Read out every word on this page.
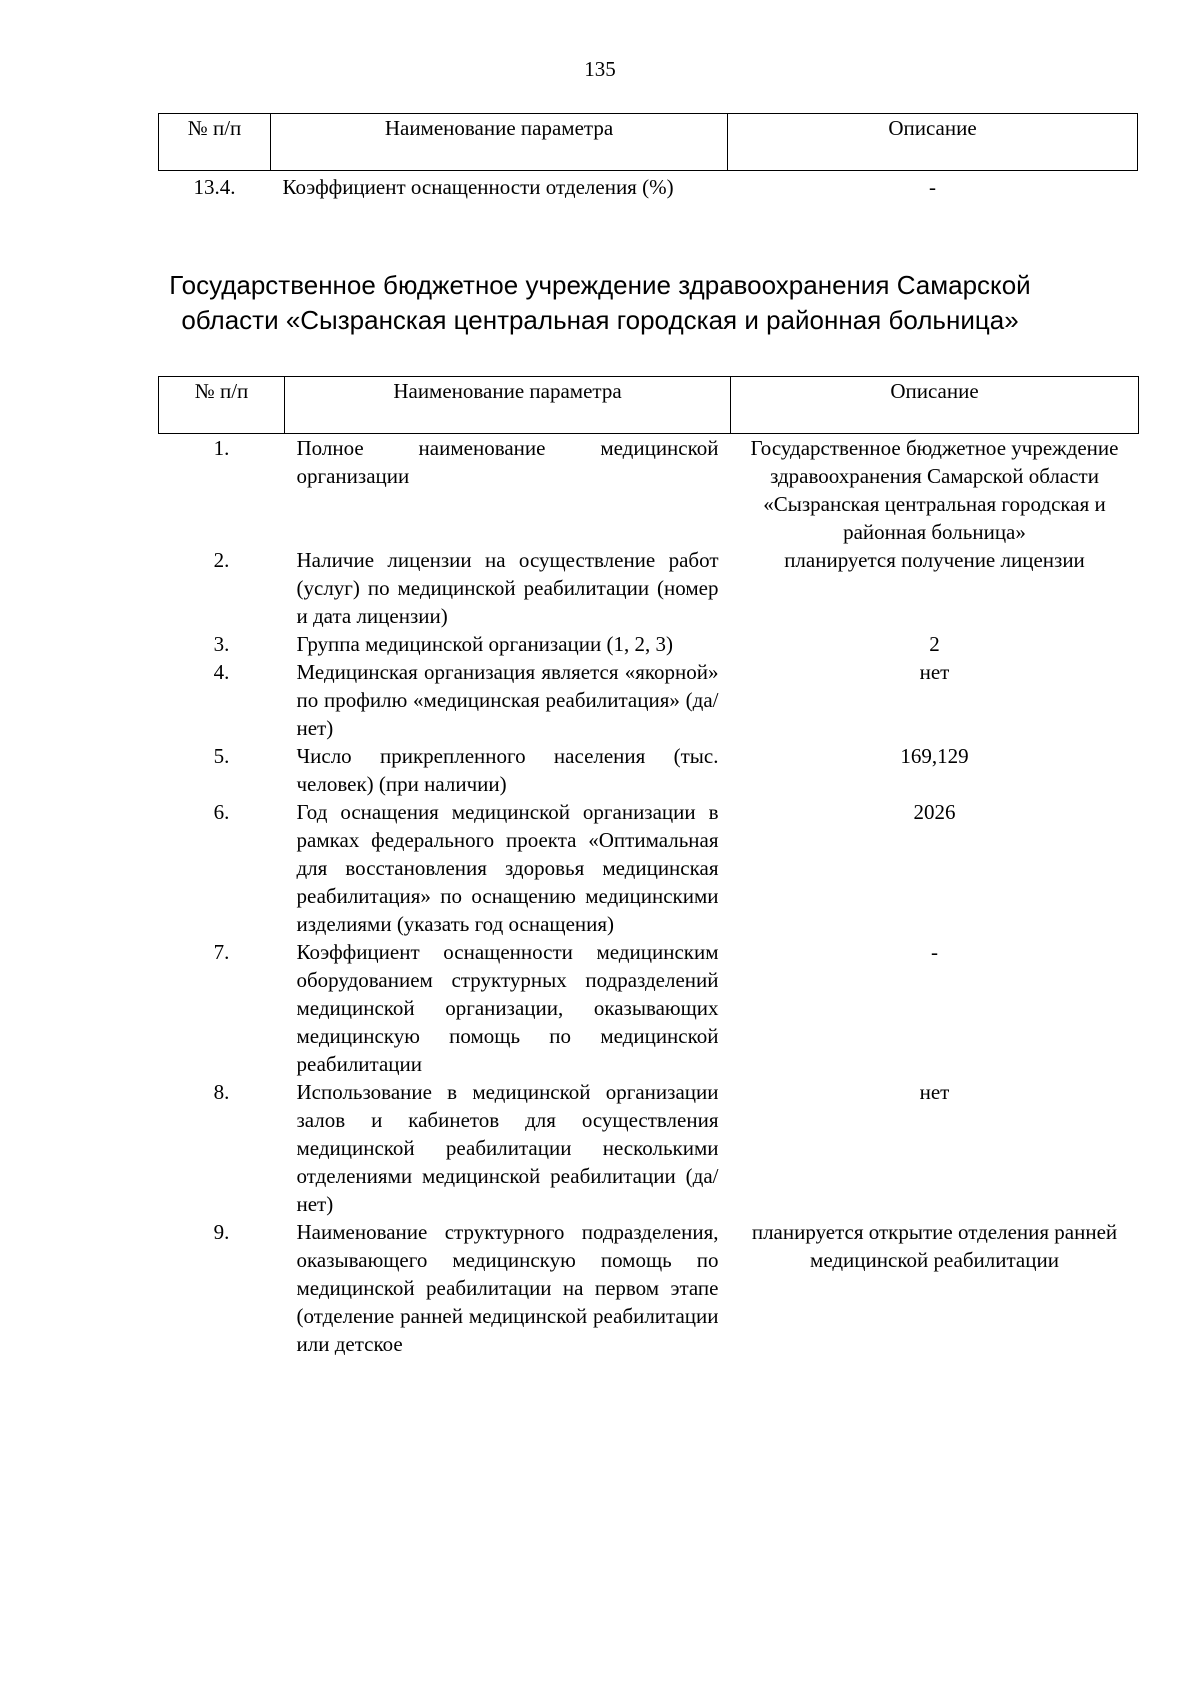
135
№ п/п	Наименование параметра	Описание
13.4.	Коэффициент оснащенности отделения (%)	-
Государственное бюджетное учреждение здравоохранения Самарской
области «Сызранская центральная городская и районная больница»
№ п/п	Наименование параметра	Описание
1.	Полное наименование медицинской организации	Государственное бюджетное учреждение здравоохранения Самарской области «Сызранская центральная городская и районная больница»
2.	Наличие лицензии на осуществление работ (услуг) по медицинской реабилитации (номер и дата лицензии)	планируется получение лицензии
3.	Группа медицинской организации (1, 2, 3)	2
4.	Медицинская организация является «якорной» по профилю «медицинская реабилитация» (да/нет)	нет
5.	Число прикрепленного населения (тыс. человек) (при наличии)	169,129
6.	Год оснащения медицинской организации в рамках федерального проекта «Оптимальная для восстановления здоровья медицинская реабилитация» по оснащению медицинскими изделиями (указать год оснащения)	2026
7.	Коэффициент оснащенности медицинским оборудованием структурных подразделений медицинской организации, оказывающих медицинскую помощь по медицинской реабилитации	-
8.	Использование в медицинской организации залов и кабинетов для осуществления медицинской реабилитации несколькими отделениями медицинской реабилитации (да/нет)	нет
9.	Наименование структурного подразделения, оказывающего медицинскую помощь по медицинской реабилитации на первом этапе (отделение ранней медицинской реабилитации или детское	планируется открытие отделения ранней медицинской реабилитации
